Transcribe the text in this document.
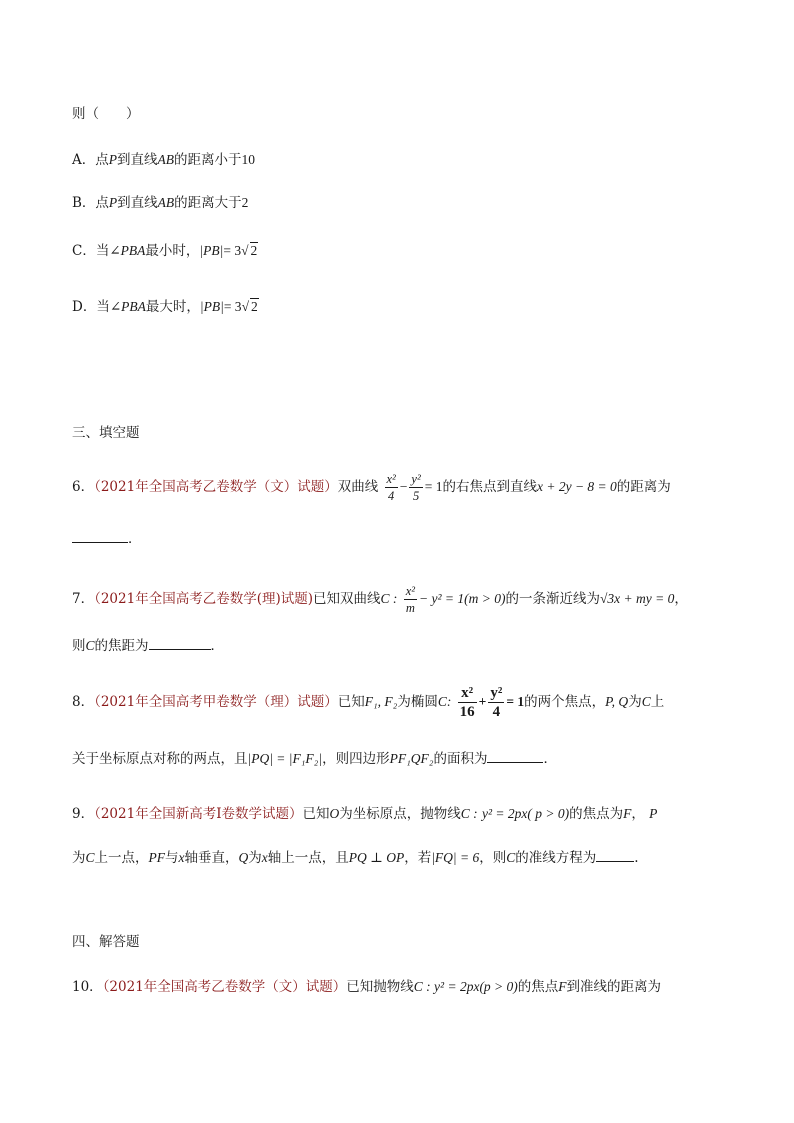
则（　　）
A．点P到直线AB的距离小于10
B．点P到直线AB的距离大于2
C．当∠PBA最小时，|PB|= 3√ 2
D．当∠PBA最大时，|PB|= 3√ 2
三、填空题
6．（2021年全国高考乙卷数学（文）试题）双曲线 $\frac{\text{x²}}{4} - \frac{\text{y²}}{5} = 1$的右焦点到直线x + 2y − 8 = 0的距离为
．
7．（2021年全国高考乙卷数学(理)试题)已知双曲线C : $\frac{\text{x²}}{m} - y^2 = 1(m > 0)$的一条渐近线为√3x + my = 0，
则C的焦距为	．
8．（2021年全国高考甲卷数学（理）试题）已知F₁, F₂为椭圆C: $\frac{\text{x²}}{16} + \frac{\text{y²}}{4} = 1$的两个焦点，P, Q为C上
关于坐标原点对称的两点，且|PQ| = |F₁F₂|，则四边形PF₁QF₂的面积为	．
9．（2021年全国新高考Ⅰ卷数学试题）已知O为坐标原点，抛物线C : y² = 2px( p > 0)的焦点为F， P
为C上一点，PF与x轴垂直，Q为x轴上一点，且PQ ⊥ OP，若|FQ| = 6，则C的准线方程为	.
四、解答题
10．（2021年全国高考乙卷数学（文）试题）已知抛物线C : y² = 2px(p > 0)的焦点F到准线的距离为
